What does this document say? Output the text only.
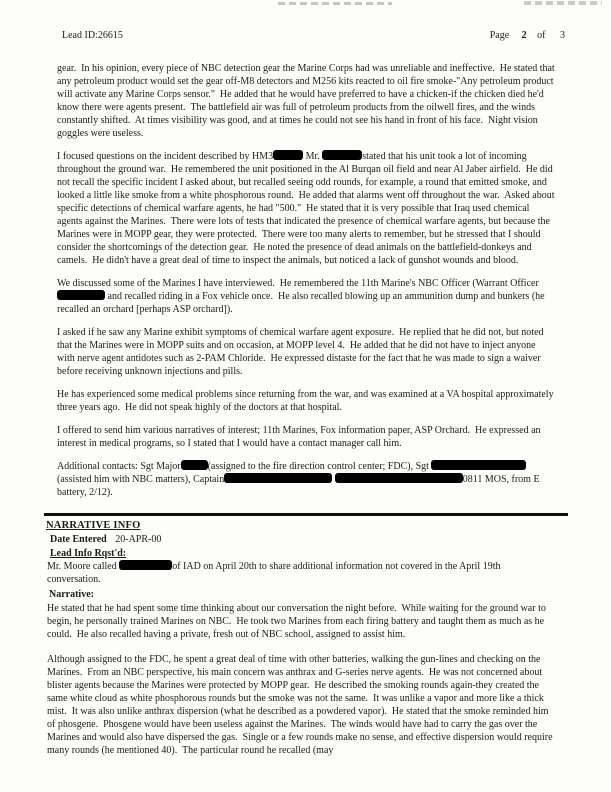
Lead ID:26615	Page 2 of 3

gear.  In his opinion, every piece of NBC detection gear the Marine Corps had was unreliable and ineffective.  He stated that any petroleum product would set the gear off-M8 detectors and M256 kits reacted to oil fire smoke-"Any petroleum product will activate any Marine Corps sensor."  He added that he would have preferred to have a chicken-if the chicken died he'd know there were agents present.  The battlefield air was full of petroleum products from the oilwell fires, and the winds constantly shifted.  At times visibility was good, and at times he could not see his hand in front of his face.  Night vision goggles were useless.

I focused questions on the incident described by HM3	Mr.	stated that his unit took a lot of incoming throughout the ground war.  He remembered the unit positioned in the Al Burqan oil field and near Al Jaber airfield.  He did not recall the specific incident I asked about, but recalled seeing odd rounds, for example, a round that emitted smoke, and looked a little like smoke from a white phosphorous round.  He added that alarms went off throughout the war.  Asked about specific detections of chemical warfare agents, he had "500."  He stated that it is very possible that Iraq used chemical agents against the Marines.  There were lots of tests that indicated the presence of chemical warfare agents, but because the Marines were in MOPP gear, they were protected.  There were too many alerts to remember, but he stressed that I should consider the shortcomings of the detection gear.  He noted the presence of dead animals on the battlefield-donkeys and camels.  He didn't have a great deal of time to inspect the animals, but noticed a lack of gunshot wounds and blood.

We discussed some of the Marines I have interviewed.  He remembered the 11th Marine's NBC Officer (Warrant Officer and recalled riding in a Fox vehicle once.  He also recalled blowing up an ammunition dump and bunkers (he recalled an orchard [perhaps ASP orchard]).

I asked if he saw any Marine exhibit symptoms of chemical warfare agent exposure.  He replied that he did not, but noted that the Marines were in MOPP suits and on occasion, at MOPP level 4.  He added that he did not have to inject anyone with nerve agent antidotes such as 2-PAM Chloride.  He expressed distaste for the fact that he was made to sign a waiver before receiving unknown injections and pills.

He has experienced some medical problems since returning from the war, and was examined at a VA hospital approximately three years ago.  He did not speak highly of the doctors at that hospital.

I offered to send him various narratives of interest; 11th Marines, Fox information paper, ASP Orchard.  He expressed an interest in medical programs, so I stated that I would have a contact manager call him.

Additional contacts: Sgt Major	(assigned to the fire direction control center; FDC), Sgt (assisted him with NBC matters), Captain	0811 MOS, from E battery, 2/12).

NARRATIVE INFO
Date Entered 20-APR-00
Lead Info Rqst'd:

Mr. Moore called	of IAD on April 20th to share additional information not covered in the April 19th conversation.

Narrative:

He stated that he had spent some time thinking about our conversation the night before.  While waiting for the ground war to begin, he personally trained Marines on NBC.  He took two Marines from each firing battery and taught them as much as he could.  He also recalled having a private, fresh out of NBC school, assigned to assist him.

Although assigned to the FDC, he spent a great deal of time with other batteries, walking the gun-lines and checking on the Marines.  From an NBC perspective, his main concern was anthrax and G-series nerve agents.  He was not concerned about blister agents because the Marines were protected by MOPP gear.  He described the smoking rounds again-they created the same white cloud as white phosphorous rounds but the smoke was not the same.  It was unlike a vapor and more like a thick mist.  It was also unlike anthrax dispersion (what he described as a powdered vapor).  He stated that the smoke reminded him of phosgene.  Phosgene would have been useless against the Marines.  The winds would have had to carry the gas over the Marines and would also have dispersed the gas.  Single or a few rounds make no sense, and effective dispersion would require many rounds (he mentioned 40).  The particular round he recalled (may
